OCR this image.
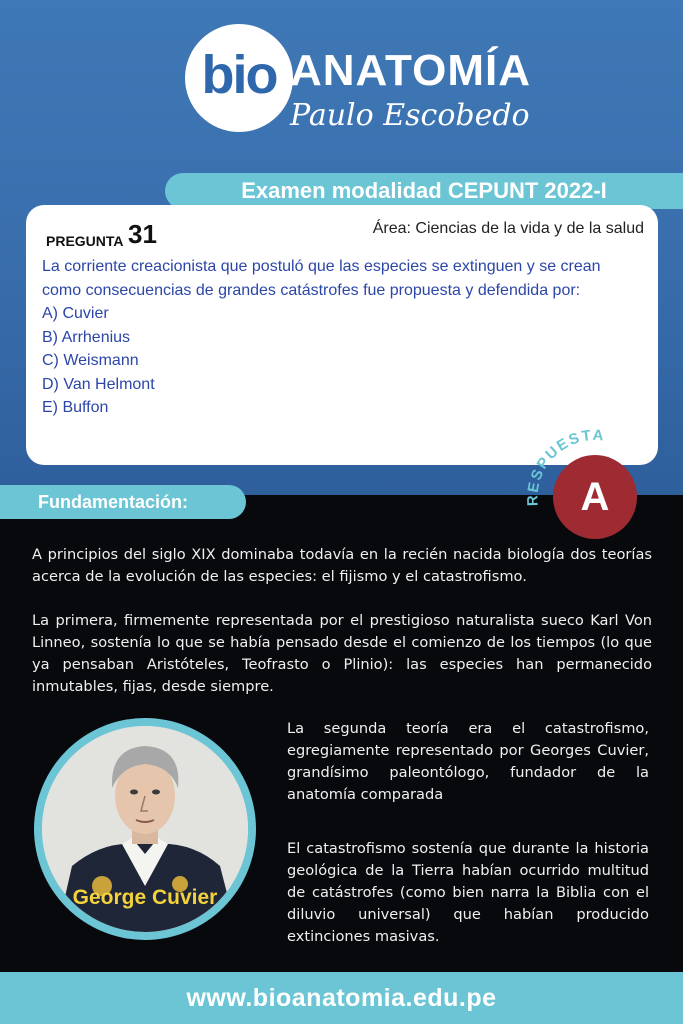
bio ANATOMÍA
Paulo Escobedo
Examen modalidad CEPUNT 2022-I
PREGUNTA 31	Área: Ciencias de la vida y de la salud

La corriente creacionista que postuló que las especies se extinguen y se crean

como consecuencias de grandes catástrofes fue propuesta y defendida por:

A) Cuvier

B) Arrhenius

C) Weismann

D) Van Helmont

E) Buffon

Fundamentación:	RESPUESTA
A

A principios del siglo XIX dominaba todavía en la recién nacida biología dos teorías acerca de la evolución de las especies: el fijismo y el catastrofismo.

La primera, firmemente representada por el prestigioso naturalista sueco Karl Von Linneo, sostenía lo que se había pensado desde el comienzo de los tiempos (lo que ya pensaban Aristóteles, Teofrasto o Plinio): las especies han permanecido inmutables, fijas, desde siempre.

George Cuvier

La segunda teoría era el catastrofismo, egregiamente representado por Georges Cuvier, grandísimo paleontólogo, fundador de la anatomía comparada

El catastrofismo sostenía que durante la historia geológica de la Tierra habían ocurrido multitud de catástrofes (como bien narra la Biblia con el diluvio universal) que habían producido extinciones masivas.

www.bioanatomia.edu.pe
